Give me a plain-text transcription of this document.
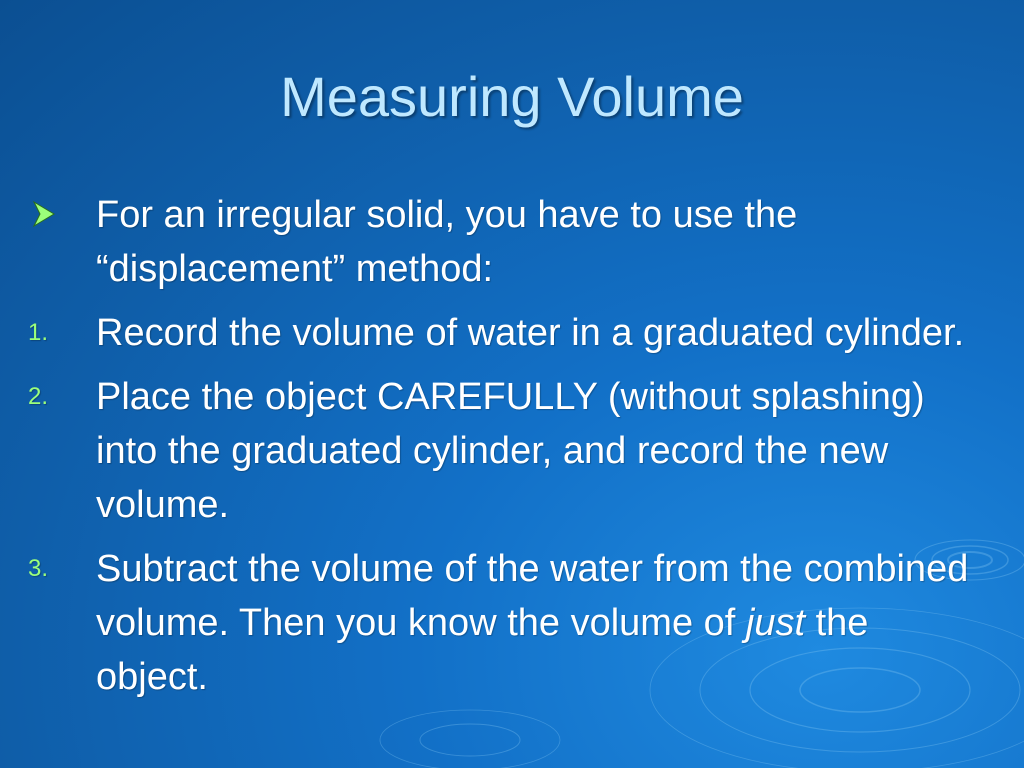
Measuring Volume
For an irregular solid, you have to use the “displacement” method:
1. Record the volume of water in a graduated cylinder.
2. Place the object CAREFULLY (without splashing) into the graduated cylinder, and record the new volume.
3. Subtract the volume of the water from the combined volume. Then you know the volume of just the object.
